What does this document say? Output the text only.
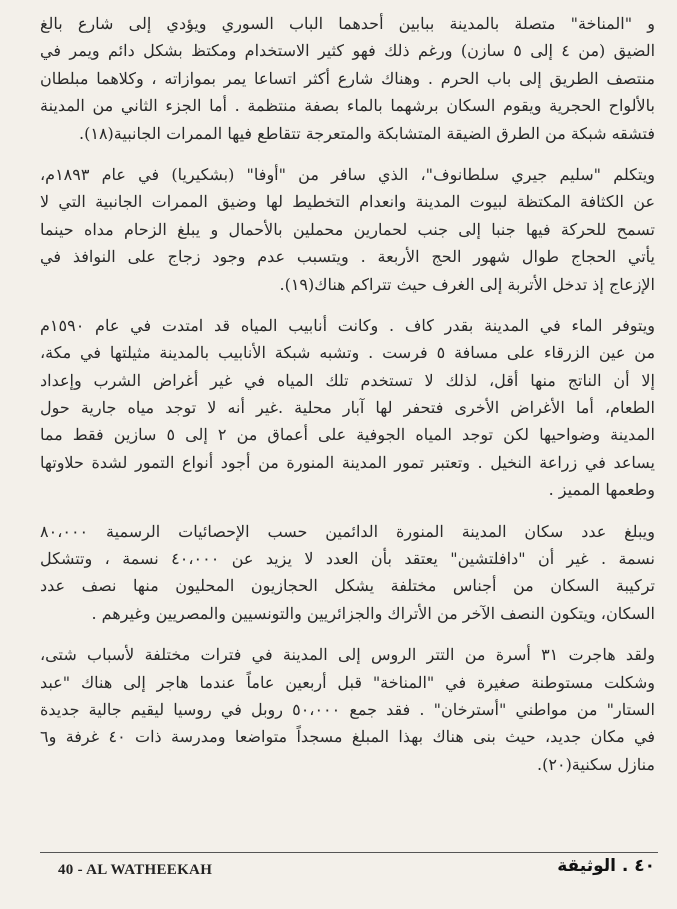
و "المناخة" متصلة بالمدينة ببابين أحدهما الباب السوري ويؤدي إلى شارع بالغ
الضيق (من ٤ إلى ٥ سازن) ورغم ذلك فهو كثير الاستخدام ومكتظ بشكل دائم ويمر في
منتصف الطريق إلى باب الحرم . وهناك شارع أكثر اتساعا يمر بموازاته ، وكلاهما مبلطان
بالألواح الحجرية ويقوم السكان برشهما بالماء بصفة منتظمة . أما الجزء الثاني من المدينة
فتشقه شبكة من الطرق الضيقة المتشابكة والمتعرجة تتقاطع فيها الممرات الجانبية(١٨).
ويتكلم "سليم جيري سلطانوف"، الذي سافر من "أوفا" (بشكيريا) في عام ١٨٩٣م،
عن الكثافة المكتظة لبيوت المدينة وانعدام التخطيط لها وضيق الممرات الجانبية التي لا
تسمح للحركة فيها جنبا إلى جنب لحمارين محملين بالأحمال و يبلغ الزحام مداه حينما
يأتي الحجاج طوال شهور الحج الأربعة . ويتسبب عدم وجود زجاج على النوافذ في
الإزعاج إذ تدخل الأتربة إلى الغرف حيث تتراكم هناك(١٩).
ويتوفر الماء في المدينة بقدر كاف . وكانت أنابيب المياه قد امتدت في عام ١٥٩٠م
من عين الزرقاء على مسافة ٥ فرست . وتشبه شبكة الأنابيب بالمدينة مثيلتها في مكة،
إلا أن الناتج منها أقل، لذلك لا تستخدم تلك المياه في غير أغراض الشرب وإعداد
الطعام، أما الأغراض الأخرى فتحفر لها آبار محلية .غير أنه لا توجد مياه جارية حول
المدينة وضواحيها لكن توجد المياه الجوفية على أعماق من ٢ إلى ٥ سازين فقط مما
يساعد في زراعة النخيل . وتعتبر تمور المدينة المنورة من أجود أنواع التمور لشدة حلاوتها
وطعمها المميز .
ويبلغ عدد سكان المدينة المنورة الدائمين حسب الإحصائيات الرسمية ٨٠،٠٠٠
نسمة . غير أن "دافلتشين" يعتقد بأن العدد لا يزيد عن ٤٠،٠٠٠ نسمة ، وتتشكل
تركيبة السكان من أجناس مختلفة يشكل الحجازيون المحليون منها نصف عدد
السكان، ويتكون النصف الآخر من الأتراك والجزائريين والتونسيين والمصريين وغيرهم .
ولقد هاجرت ٣١ أسرة من التتر الروس إلى المدينة في فترات مختلفة لأسباب شتى،
وشكلت مستوطنة صغيرة في "المناخة" قبل أربعين عاماً عندما هاجر إلى هناك "عبد
الستار" من مواطني "أسترخان" . فقد جمع ٥٠،٠٠٠ روبل في روسيا ليقيم جالية جديدة
في مكان جديد، حيث بنى هناك بهذا المبلغ مسجداً متواضعا ومدرسة ذات ٤٠ غرفة و٦
منازل سكنية(٢٠).
40 - AL WATHEEKAH	٤٠ . الوثيقة
